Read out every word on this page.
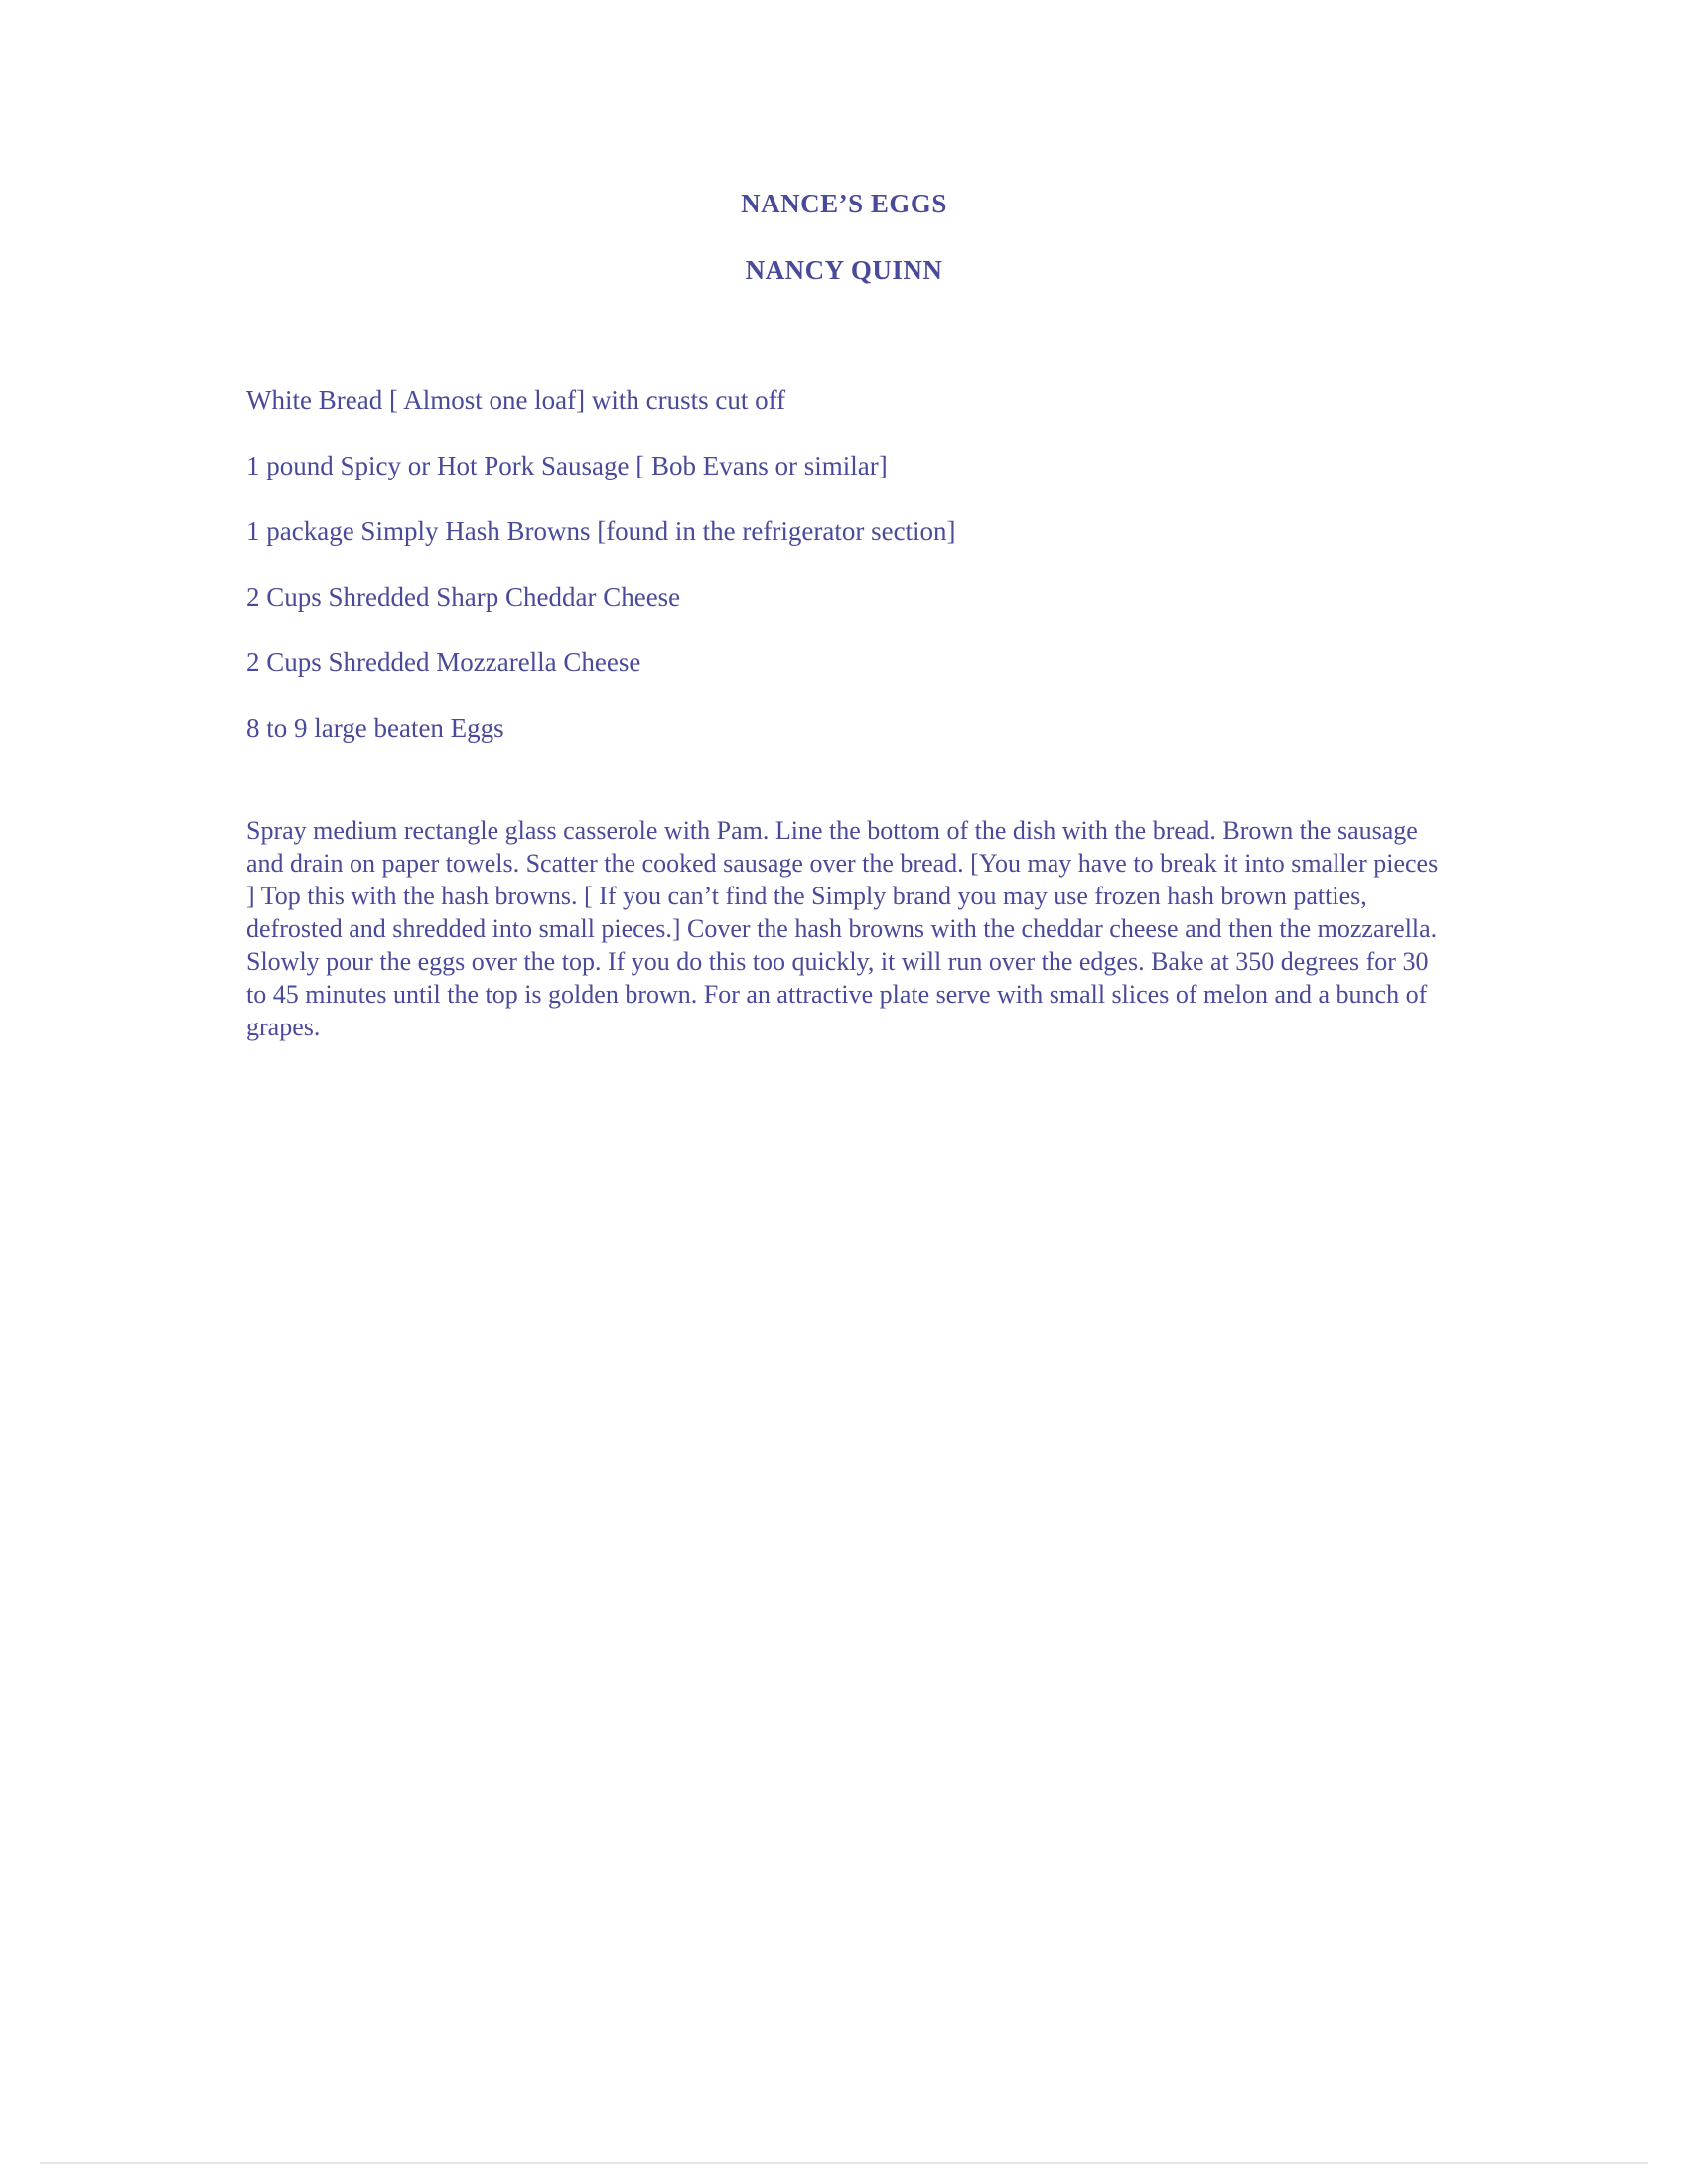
NANCE’S EGGS
NANCY QUINN
White Bread [ Almost one loaf] with crusts cut off
1 pound Spicy or Hot Pork Sausage [ Bob Evans or similar]
1 package Simply Hash Browns [found in the refrigerator section]
2 Cups Shredded Sharp Cheddar Cheese
2 Cups Shredded Mozzarella Cheese
8 to 9 large beaten Eggs

Spray medium rectangle glass casserole with Pam. Line the bottom of the dish with the bread. Brown the sausage and drain on paper towels. Scatter the cooked sausage over the bread. [You may have to break it into smaller pieces ] Top this with the hash browns. [ If you can’t find the Simply brand you may use frozen hash brown patties, defrosted and shredded into small pieces.] Cover the hash browns with the cheddar cheese and then the mozzarella. Slowly pour the eggs over the top. If you do this too quickly, it will run over the edges. Bake at 350 degrees for 30 to 45 minutes until the top is golden brown. For an attractive plate serve with small slices of melon and a bunch of grapes.
